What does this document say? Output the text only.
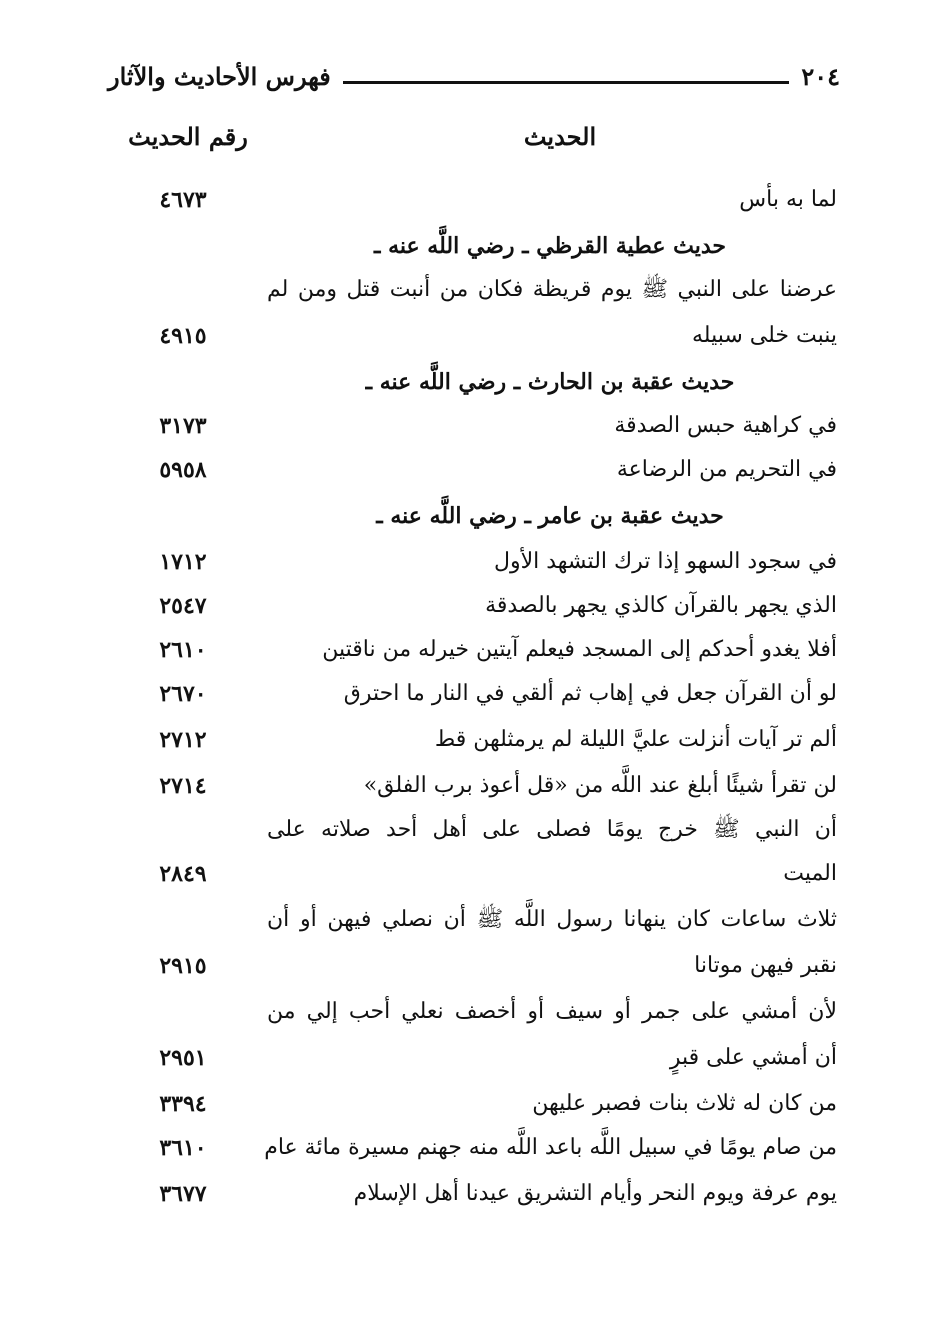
٢٠٤
فهرس الأحاديث والآثار
الحديث
رقم الحديث
لما به بأس
٤٦٧٣
حديث عطية القرظي ـ رضي اللَّه عنه ـ
عرضنا على النبي ﷺ يوم قريظة فكان من أنبت قتل ومن لم
ينبت خلى سبيله
٤٩١٥
حديث عقبة بن الحارث ـ رضي اللَّه عنه ـ
في كراهية حبس الصدقة
٣١٧٣
في التحريم من الرضاعة
٥٩٥٨
حديث عقبة بن عامر ـ رضي اللَّه عنه ـ
في سجود السهو إذا ترك التشهد الأول
١٧١٢
الذي يجهر بالقرآن كالذي يجهر بالصدقة
٢٥٤٧
أفلا يغدو أحدكم إلى المسجد فيعلم آيتين خيرله من ناقتين
٢٦١٠
لو أن القرآن جعل في إهاب ثم ألقي في النار ما احترق
٢٦٧٠
ألم تر آيات أنزلت عليَّ الليلة لم يرمثلهن قط
٢٧١٢
لن تقرأ شيئًا أبلغ عند اللَّه من «قل أعوذ برب الفلق»
٢٧١٤
أن النبي ﷺ خرج يومًا فصلى على أهل أحد صلاته على
الميت
٢٨٤٩
ثلاث ساعات كان ينهانا رسول اللَّه ﷺ أن نصلي فيهن أو أن
نقبر فيهن موتانا
٢٩١٥
لأن أمشي على جمر أو سيف أو أخصف نعلي أحب إلي من
أن أمشي على قبرٍ
٢٩٥١
من كان له ثلاث بنات فصبر عليهن
٣٣٩٤
من صام يومًا في سبيل اللَّه باعد اللَّه منه جهنم مسيرة مائة عام
٣٦١٠
يوم عرفة ويوم النحر وأيام التشريق عيدنا أهل الإسلام
٣٦٧٧
